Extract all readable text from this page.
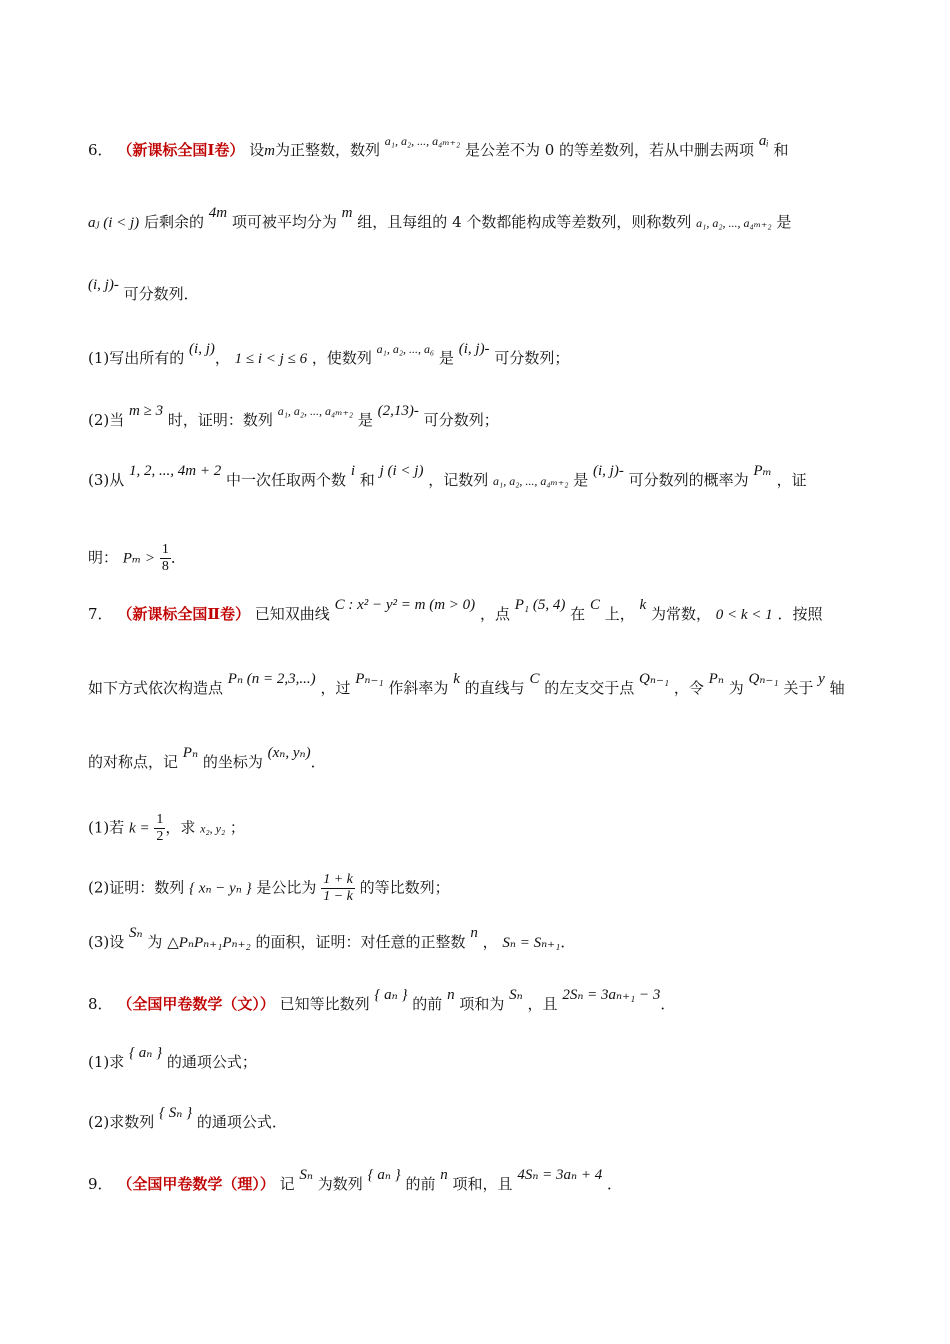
6． （新课标全国Ⅰ卷） 设m为正整数，数列 $^{a_1, a_2, ..., a_{4m+2}}$ 是公差不为 0 的等差数列，若从中删去两项 aᵢ 和
aⱼ (i < j) 后剩余的 4m 项可被平均分为 m 组，且每组的 4 个数都能构成等差数列，则称数列 a₁, a₂, ..., a₄ₘ₊₂ 是
(i, j)- 可分数列．
(1)写出所有的 (i, j)， 1 ≤ i < j ≤ 6 ，使数列 $^{a_1, a_2, ..., a_6}$ 是 (i, j)- 可分数列；
(2)当 m ≥ 3 时，证明：数列 $^{a_1, a_2, ..., a_{4m+2}}$ 是 (2,13)- 可分数列；
(3)从 1, 2, ..., 4m + 2 中一次任取两个数 i 和 j (i < j) ，记数列 a₁, a₂, ..., a₄ₘ₊₂ 是 (i, j)- 可分数列的概率为 Pₘ ，证
明： $P_m > \frac{1}{8}$ ．
7． （新课标全国Ⅱ卷） 已知双曲线 C : x² − y² = m (m > 0) ，点 P₁ (5, 4) 在 C 上， k 为常数， 0 < k < 1 ．按照
如下方式依次构造点 Pₙ (n = 2,3,...) ，过 Pₙ₋₁ 作斜率为 k 的直线与 C 的左支交于点 Qₙ₋₁ ，令 Pₙ 为 Qₙ₋₁ 关于 y 轴
的对称点，记 Pₙ 的坐标为 (xₙ, yₙ)．
(1)若 $k = \frac{1}{2}$ ，求 x₂, y₂ ；
(2)证明：数列 { xₙ − yₙ } 是公比为 $\frac{1 + k}{1 - k}$ 的等比数列；
(3)设 Sₙ 为 △PₙPₙ₊₁Pₙ₊₂ 的面积，证明：对任意的正整数 n ， Sₙ = Sₙ₊₁．
8． （全国甲卷数学（文）） 已知等比数列 { aₙ } 的前 n 项和为 Sₙ ，且 2Sₙ = 3aₙ₊₁ − 3．
(1)求 { aₙ } 的通项公式；
(2)求数列 { Sₙ } 的通项公式．
9． （全国甲卷数学（理）） 记 Sₙ 为数列 { aₙ } 的前 n 项和，且 4Sₙ = 3aₙ + 4 ．
